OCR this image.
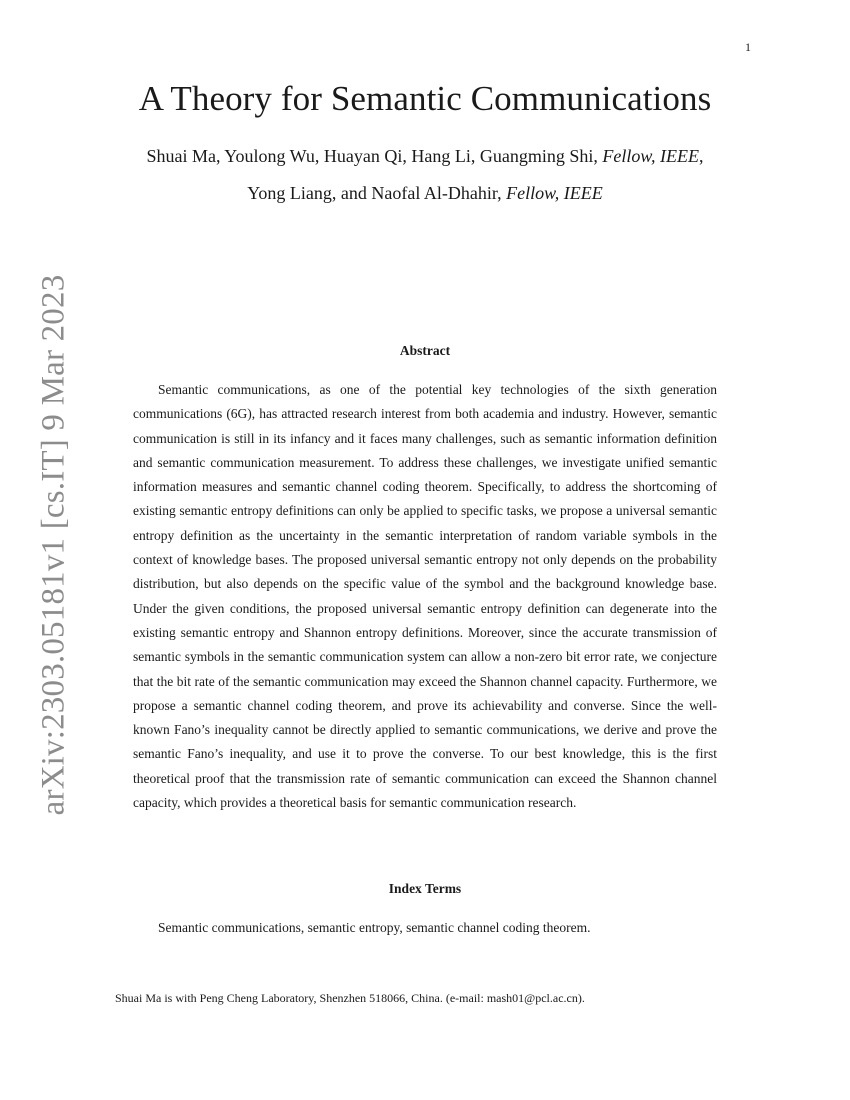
1
arXiv:2303.05181v1 [cs.IT] 9 Mar 2023
A Theory for Semantic Communications
Shuai Ma, Youlong Wu, Huayan Qi, Hang Li, Guangming Shi, Fellow, IEEE,
Yong Liang, and Naofal Al-Dhahir, Fellow, IEEE
Abstract

Semantic communications, as one of the potential key technologies of the sixth generation communications (6G), has attracted research interest from both academia and industry. However, semantic communication is still in its infancy and it faces many challenges, such as semantic information definition and semantic communication measurement. To address these challenges, we investigate unified semantic information measures and semantic channel coding theorem. Specifically, to address the shortcoming of existing semantic entropy definitions can only be applied to specific tasks, we propose a universal semantic entropy definition as the uncertainty in the semantic interpretation of random variable symbols in the context of knowledge bases. The proposed universal semantic entropy not only depends on the probability distribution, but also depends on the specific value of the symbol and the background knowledge base. Under the given conditions, the proposed universal semantic entropy definition can degenerate into the existing semantic entropy and Shannon entropy definitions. Moreover, since the accurate transmission of semantic symbols in the semantic communication system can allow a non-zero bit error rate, we conjecture that the bit rate of the semantic communication may exceed the Shannon channel capacity. Furthermore, we propose a semantic channel coding theorem, and prove its achievability and converse. Since the well-known Fano’s inequality cannot be directly applied to semantic communications, we derive and prove the semantic Fano’s inequality, and use it to prove the converse. To our best knowledge, this is the first theoretical proof that the transmission rate of semantic communication can exceed the Shannon channel capacity, which provides a theoretical basis for semantic communication research.

Index Terms

Semantic communications, semantic entropy, semantic channel coding theorem.

Shuai Ma is with Peng Cheng Laboratory, Shenzhen 518066, China. (e-mail: mash01@pcl.ac.cn).
